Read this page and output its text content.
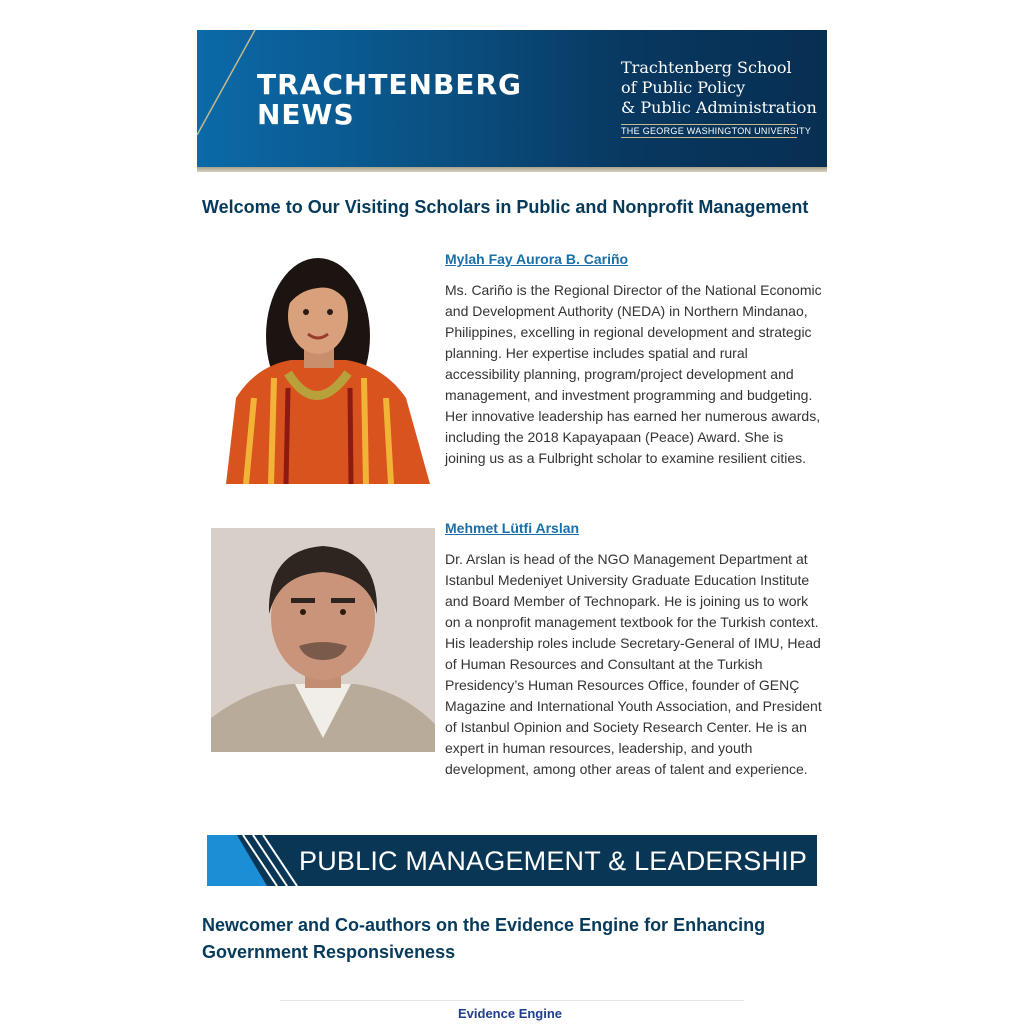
TRACHTENBERG
NEWS
Trachtenberg School
of Public Policy
& Public Administration
THE GEORGE WASHINGTON UNIVERSITY
Welcome to Our Visiting Scholars in Public and Nonprofit Management
Mylah Fay Aurora B. Cariño
Ms. Cariño is the Regional Director of the National Economic and Development Authority (NEDA) in Northern Mindanao, Philippines, excelling in regional development and strategic planning. Her expertise includes spatial and rural accessibility planning, program/project development and management, and investment programming and budgeting. Her innovative leadership has earned her numerous awards, including the 2018 Kapayapaan (Peace) Award. She is joining us as a Fulbright scholar to examine resilient cities.
Mehmet Lütfi Arslan
Dr. Arslan is head of the NGO Management Department at Istanbul Medeniyet University Graduate Education Institute and Board Member of Technopark. He is joining us to work on a nonprofit management textbook for the Turkish context. His leadership roles include Secretary-General of IMU, Head of Human Resources and Consultant at the Turkish Presidency’s Human Resources Office, founder of GENÇ Magazine and International Youth Association, and President of Istanbul Opinion and Society Research Center. He is an expert in human resources, leadership, and youth development, among other areas of talent and experience.
PUBLIC MANAGEMENT & LEADERSHIP
Newcomer and Co-authors on the Evidence Engine for Enhancing Government Responsiveness
Evidence Engine
